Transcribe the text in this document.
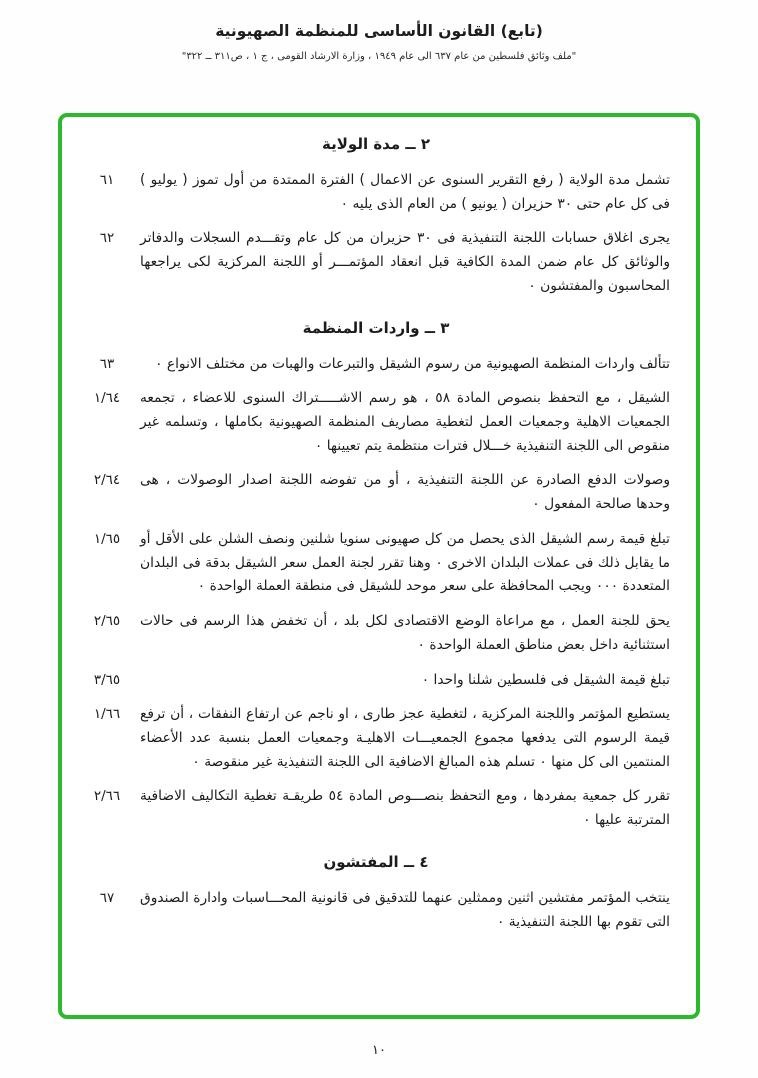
(تابع) القانون الأساسى للمنظمة الصهيونية
"ملف وثائق فلسطين من عام ٦٣٧ الى عام ١٩٤٩ ، وزارة الارشاد القومى ، ج ١ ، ص٣١١ ــ ٣٢٢"
٢ ــ مدة الولاية
تشمل مدة الولاية ( رفع التقرير السنوى عن الاعمال ) الفترة الممتدة من أول تموز ( يوليو ) فى كل عام حتى ٣٠ حزيران ( يونيو ) من العام الذى يليه ٠
٦١
يجرى اغلاق حسابات اللجنة التنفيذية فى ٣٠ حزيران من كل عام وتقـــدم السجلات والدفاتر والوثائق كل عام ضمن المدة الكافية قبل انعقاد المؤتمـــر أو اللجنة المركزية لكى يراجعها المحاسبون والمفتشون ٠
٦٢
٣ ــ واردات المنظمة
تتألف واردات المنظمة الصهيونية من رسوم الشيقل والتبرعات والهبات من مختلف الانواع ٠
٦٣
الشيقل ، مع التحفظ بنصوص المادة ٥٨ ، هو رسم الاشـــــتراك السنوى للاعضاء ، تجمعه الجمعيات الاهلية وجمعيات العمل لتغطية مصاريف المنظمة الصهيونية بكاملها ، وتسلمه غير منقوص الى اللجنة التنفيذية خـــلال فترات منتظمة يتم تعيينها ٠
١/٦٤
وصولات الدفع الصادرة عن اللجنة التنفيذية ، أو من تفوضه اللجنة اصدار الوصولات ، هى وحدها صالحة المفعول ٠
٢/٦٤
تبلغ قيمة رسم الشيقل الذى يحصل من كل صهيونى سنويا شلنين ونصف الشلن على الأقل أو ما يقابل ذلك فى عملات البلدان الاخرى ٠ وهنا تقرر لجنة العمل سعر الشيقل بدقة فى البلدان المتعددة ٠٠٠ ويجب المحافظة على سعر موحد للشيقل فى منطقة العملة الواحدة ٠
١/٦٥
يحق للجنة العمل ، مع مراعاة الوضع الاقتصادى لكل بلد ، أن تخفض هذا الرسم فى حالات استثنائية داخل بعض مناطق العملة الواحدة ٠
٢/٦٥
تبلغ قيمة الشيقل فى فلسطين شلنا واحدا ٠
٣/٦٥
يستطيع المؤتمر واللجنة المركزية ، لتغطية عجز طارى ، او ناجم عن ارتفاع النفقات ، أن ترفع قيمة الرسوم التى يدفعها مجموع الجمعيـــات الاهليـة وجمعيات العمل بنسبة عدد الأعضاء المنتمين الى كل منها ٠ تسلم هذه المبالغ الاضافية الى اللجنة التنفيذية غير منقوصة ٠
١/٦٦
تقرر كل جمعية بمفردها ، ومع التحفظ بنصـــوص المادة ٥٤ طريقـة تغطية التكاليف الاضافية المترتبة عليها ٠
٢/٦٦
٤ ــ المفتشون
ينتخب المؤتمر مفتشين اثنين وممثلين عنهما للتدقيق فى قانونية المحـــاسبات وادارة الصندوق التى تقوم بها اللجنة التنفيذية ٠
٦٧
١٠
